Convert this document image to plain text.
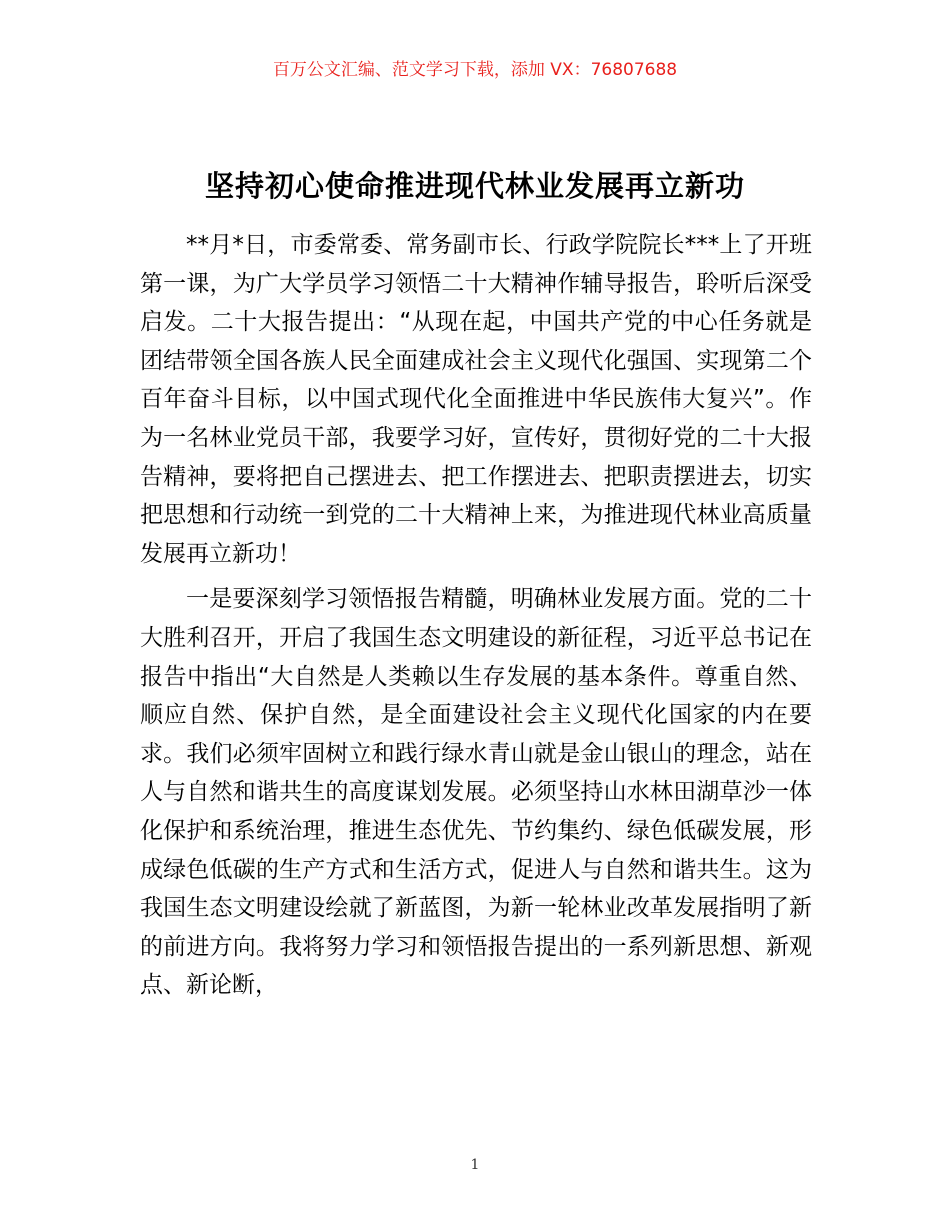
百万公文汇编、范文学习下载，添加 VX：76807688
坚持初心使命推进现代林业发展再立新功

**月*日，市委常委、常务副市长、行政学院院长***上了开班第一课，为广大学员学习领悟二十大精神作辅导报告，聆听后深受启发。二十大报告提出：“从现在起，中国共产党的中心任务就是团结带领全国各族人民全面建成社会主义现代化强国、实现第二个百年奋斗目标，以中国式现代化全面推进中华民族伟大复兴”。作为一名林业党员干部，我要学习好，宣传好，贯彻好党的二十大报告精神，要将把自己摆进去、把工作摆进去、把职责摆进去，切实把思想和行动统一到党的二十大精神上来，为推进现代林业高质量发展再立新功！

一是要深刻学习领悟报告精髓，明确林业发展方面。党的二十大胜利召开，开启了我国生态文明建设的新征程，习近平总书记在报告中指出“大自然是人类赖以生存发展的基本条件。尊重自然、顺应自然、保护自然，是全面建设社会主义现代化国家的内在要求。我们必须牢固树立和践行绿水青山就是金山银山的理念，站在人与自然和谐共生的高度谋划发展。必须坚持山水林田湖草沙一体化保护和系统治理，推进生态优先、节约集约、绿色低碳发展，形成绿色低碳的生产方式和生活方式，促进人与自然和谐共生。这为我国生态文明建设绘就了新蓝图，为新一轮林业改革发展指明了新的前进方向。我将努力学习和领悟报告提出的一系列新思想、新观点、新论断，

1
